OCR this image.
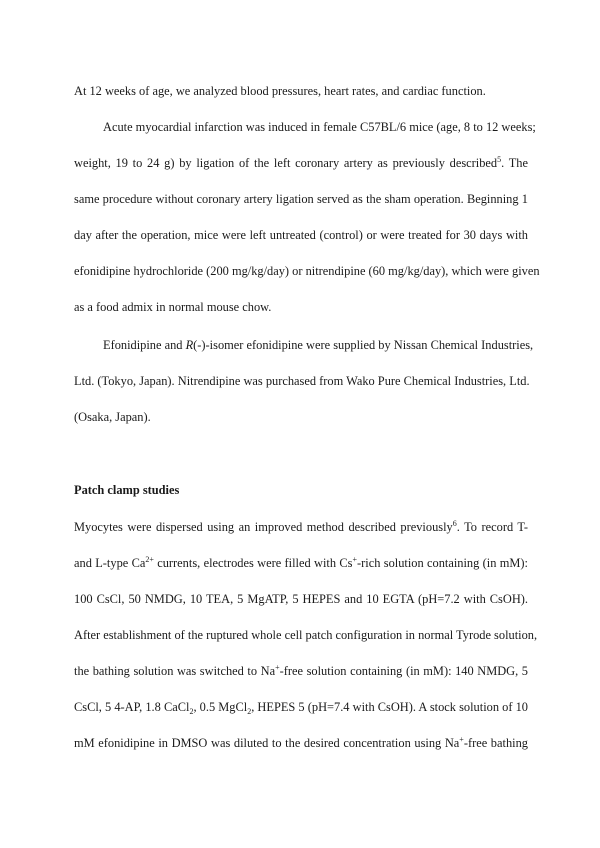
At 12 weeks of age, we analyzed blood pressures, heart rates, and cardiac function.
Acute myocardial infarction was induced in female C57BL/6 mice (age, 8 to 12 weeks;
weight, 19 to 24 g) by ligation of the left coronary artery as previously described$^5$. The
same procedure without coronary artery ligation served as the sham operation. Beginning 1
day after the operation, mice were left untreated (control) or were treated for 30 days with
efonidipine hydrochloride (200 mg/kg/day) or nitrendipine (60 mg/kg/day), which were given
as a food admix in normal mouse chow.
Efonidipine and R(-)-isomer efonidipine were supplied by Nissan Chemical Industries,
Ltd. (Tokyo, Japan). Nitrendipine was purchased from Wako Pure Chemical Industries, Ltd.
(Osaka, Japan).
Patch clamp studies
Myocytes were dispersed using an improved method described previously$^6$. To record T-
and L-type $Ca^{2+}$ currents, electrodes were filled with Cs+-rich solution containing (in mM):
100 CsCl, 50 NMDG, 10 TEA, 5 MgATP, 5 HEPES and 10 EGTA (pH=7.2 with CsOH).
After establishment of the ruptured whole cell patch configuration in normal Tyrode solution,
the bathing solution was switched to Na+-free solution containing (in mM): 140 NMDG, 5
CsCl, 5 4-AP, 1.8 CaCl$_2$, 0.5 MgCl$_2$, HEPES 5 (pH=7.4 with CsOH). A stock solution of 10
mM efonidipine in DMSO was diluted to the desired concentration using Na+-free bathing
